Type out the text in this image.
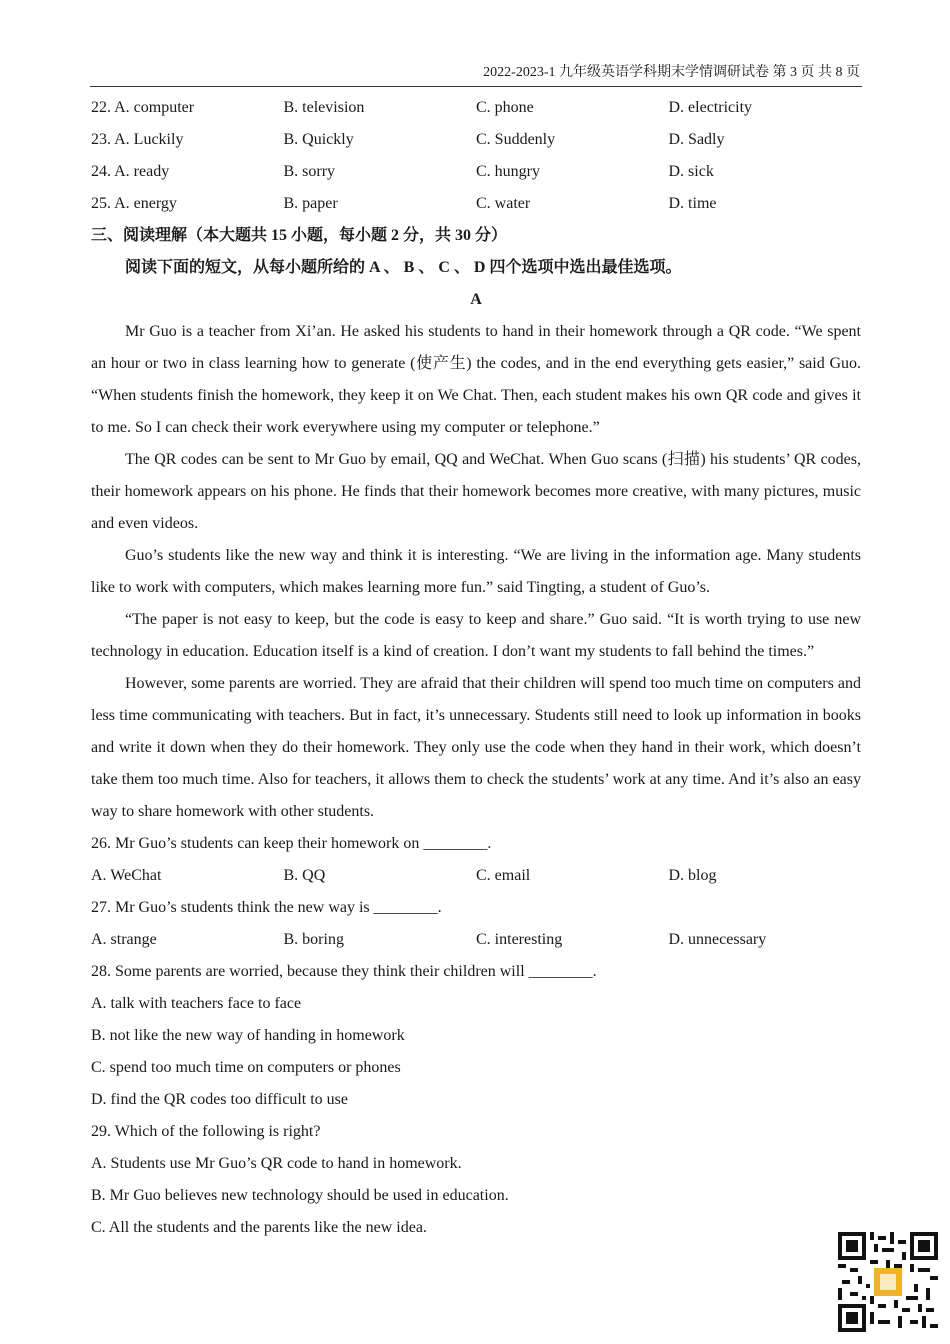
2022-2023-1 九年级英语学科期末学情调研试卷 第 3 页 共 8 页
22. A. computer	B. television	C. phone	D. electricity
23. A. Luckily	B. Quickly	C. Suddenly	D. Sadly
24. A. ready	B. sorry	C. hungry	D. sick
25. A. energy	B. paper	C. water	D. time
三、阅读理解（本大题共 15 小题，每小题 2 分，共 30 分）
阅读下面的短文，从每小题所给的 A 、 B 、 C 、 D 四个选项中选出最佳选项。
A

Mr Guo is a teacher from Xi’an. He asked his students to hand in their homework through a QR code. “We spent an hour or two in class learning how to generate (使产生) the codes, and in the end everything gets easier,” said Guo. “When students finish the homework, they keep it on We Chat. Then, each student makes his own QR code and gives it to me. So I can check their work everywhere using my computer or telephone.”

The QR codes can be sent to Mr Guo by email, QQ and WeChat. When Guo scans (扫描) his students’ QR codes, their homework appears on his phone. He finds that their homework becomes more creative, with many pictures, music and even videos.

Guo’s students like the new way and think it is interesting. “We are living in the information age. Many students like to work with computers, which makes learning more fun.” said Tingting, a student of Guo’s.

“The paper is not easy to keep, but the code is easy to keep and share.” Guo said. “It is worth trying to use new technology in education. Education itself is a kind of creation. I don’t want my students to fall behind the times.”

However, some parents are worried. They are afraid that their children will spend too much time on computers and less time communicating with teachers. But in fact, it’s unnecessary. Students still need to look up information in books and write it down when they do their homework. They only use the code when they hand in their work, which doesn’t take them too much time. Also for teachers, it allows them to check the students’ work at any time. And it’s also an easy way to share homework with other students.

26. Mr Guo’s students can keep their homework on ________.
A. WeChat	B. QQ	C. email	D. blog
27. Mr Guo’s students think the new way is ________.
A. strange	B. boring	C. interesting	D. unnecessary
28. Some parents are worried, because they think their children will ________.
A. talk with teachers face to face
B. not like the new way of handing in homework
C. spend too much time on computers or phones
D. find the QR codes too difficult to use
29. Which of the following is right?
A. Students use Mr Guo’s QR code to hand in homework.
B. Mr Guo believes new technology should be used in education.
C. All the students and the parents like the new idea.
